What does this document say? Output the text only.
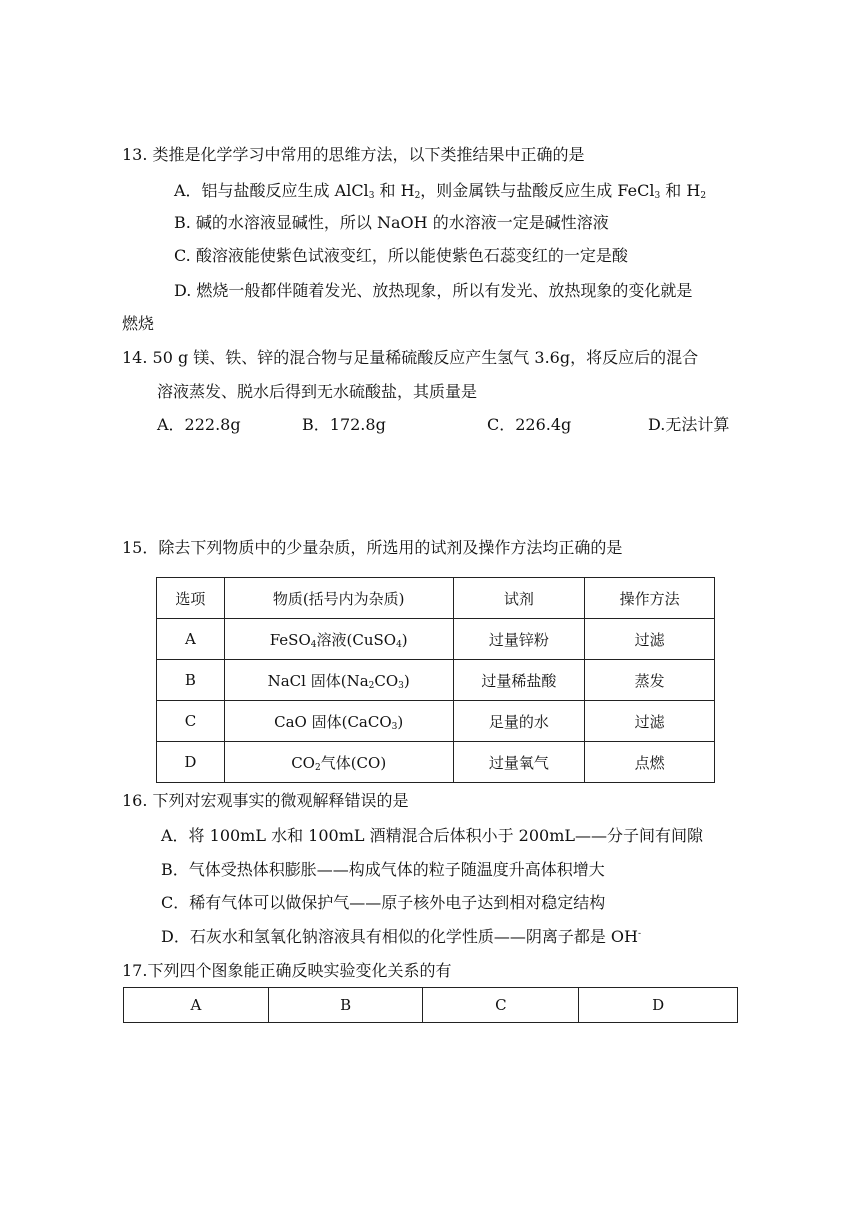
13. 类推是化学学习中常用的思维方法，以下类推结果中正确的是
A．铝与盐酸反应生成 AlCl$_3$ 和 $H_2$，则金属铁与盐酸反应生成 FeCl$_3$ 和 $H_2$
B. 碱的水溶液显碱性，所以 NaOH 的水溶液一定是碱性溶液
C. 酸溶液能使紫色试液变红，所以能使紫色石蕊变红的一定是酸
D. 燃烧一般都伴随着发光、放热现象，所以有发光、放热现象的变化就是
燃烧
14. 50 g 镁、铁、锌的混合物与足量稀硫酸反应产生氢气 3.6g，将反应后的混合
溶液蒸发、脱水后得到无水硫酸盐，其质量是
A．222.8g	B．172.8g	C．226.4g	D.无法计算
15．除去下列物质中的少量杂质，所选用的试剂及操作方法均正确的是
选项	物质(括号内为杂质)	试剂	操作方法
A	FeSO$_4$溶液(CuSO$_4$)	过量锌粉	过滤
B	NaCl 固体$(Na_2CO_3)$	过量稀盐酸	蒸发
C	CaO 固体(CaCO$_3$)	足量的水	过滤
D	$CO_2$气体(CO)	过量氧气	点燃
16. 下列对宏观事实的微观解释错误的是
A．将 100mL 水和 100mL 酒精混合后体积小于 200mL——分子间有间隙
B．气体受热体积膨胀——构成气体的粒子随温度升高体积增大
C．稀有气体可以做保护气——原子核外电子达到相对稳定结构
D．石灰水和氢氧化钠溶液具有相似的化学性质——阴离子都是 OH-
17.下列四个图象能正确反映实验变化关系的有
A	B	C	D
